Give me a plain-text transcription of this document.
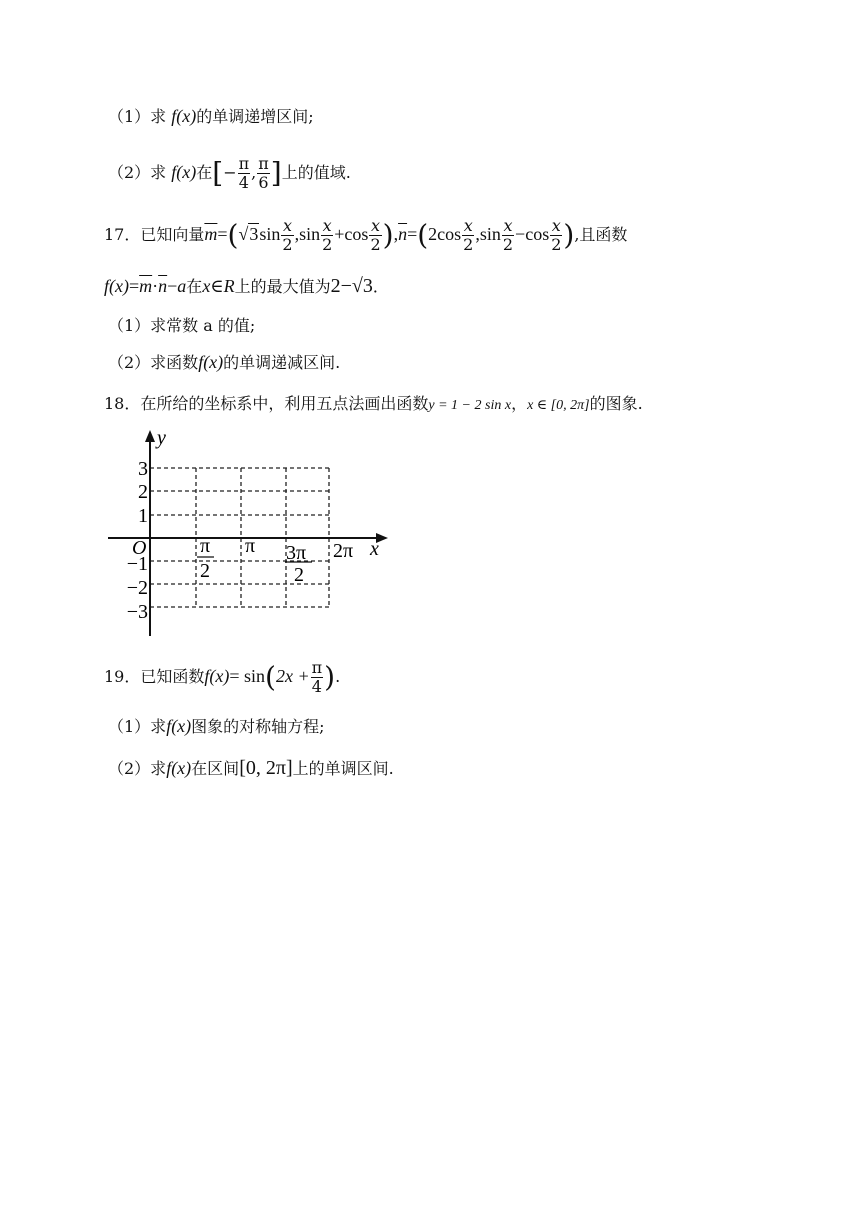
（1）求 f(x)的单调递增区间;
（2）求 f(x)在[− $\frac{\pi}{4}$ , $\frac{\pi}{6}$ ]上的值域.
17．已知向量$\overline{m}=(√3\sin \frac{x}{2} ,\sin \frac{x}{2} +\cos \frac{x}{2} ),\overline{n}=(2\cos \frac{x}{2} ,\sin \frac{x}{2} -\cos \frac{x}{2}$ ),且函数
$f(x)=\overline{m}\cdot\overline{n}-a$在x∈R上的最大值为2−√3．
（1）求常数 a 的值;
（2）求函数f(x)的单调递减区间.
18．在所给的坐标系中，利用五点法画出函数y = 1 − 2 sin x，x ∈ [0, 2π]的图象.
y
x
O
3
2
1
−1
−2
−3
π
2
π 3π
2
2π
19．已知函数$f(x)= \sin(2x + \frac{\pi}{4}$ ).
（1）求f(x)图象的对称轴方程;
（2）求f(x)在区间[0, 2π]上的单调区间.
